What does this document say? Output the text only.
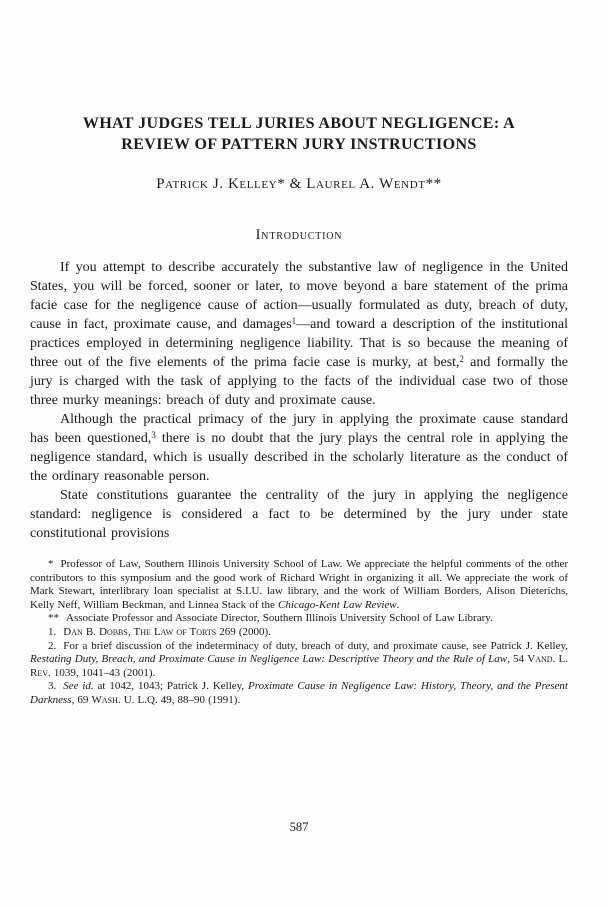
WHAT JUDGES TELL JURIES ABOUT NEGLIGENCE: A
REVIEW OF PATTERN JURY INSTRUCTIONS
Patrick J. Kelley* & Laurel A. Wendt**
Introduction

If you attempt to describe accurately the substantive law of negligence in the United States, you will be forced, sooner or later, to move beyond a bare statement of the prima facie case for the negligence cause of action—usually formulated as duty, breach of duty, cause in fact, proximate cause, and damages$^1$—and toward a description of the institutional practices employed in determining negligence liability. That is so because the meaning of three out of the five elements of the prima facie case is murky, at best,$^2$ and formally the jury is charged with the task of applying to the facts of the individual case two of those three murky meanings: breach of duty and proximate cause.

Although the practical primacy of the jury in applying the proximate cause standard has been questioned,$^3$ there is no doubt that the jury plays the central role in applying the negligence standard, which is usually described in the scholarly literature as the conduct of the ordinary reasonable person.

State constitutions guarantee the centrality of the jury in applying the negligence standard: negligence is considered a fact to be determined by the jury under state constitutional provisions

* Professor of Law, Southern Illinois University School of Law. We appreciate the helpful comments of the other contributors to this symposium and the good work of Richard Wright in organizing it all. We appreciate the work of Mark Stewart, interlibrary loan specialist at S.I.U. law library, and the work of William Borders, Alison Dieterichs, Kelly Neff, William Beckman, and Linnea Stack of the Chicago-Kent Law Review.

** Associate Professor and Associate Director, Southern Illinois University School of Law Library.

1. Dan B. Dobbs, The Law of Torts 269 (2000).

2. For a brief discussion of the indeterminacy of duty, breach of duty, and proximate cause, see Patrick J. Kelley, Restating Duty, Breach, and Proximate Cause in Negligence Law: Descriptive Theory and the Rule of Law, 54 Vand. L. Rev. 1039, 1041–43 (2001).

3. See id. at 1042, 1043; Patrick J. Kelley, Proximate Cause in Negligence Law: History, Theory, and the Present Darkness, 69 Wash. U. L.Q. 49, 88–90 (1991).

587
